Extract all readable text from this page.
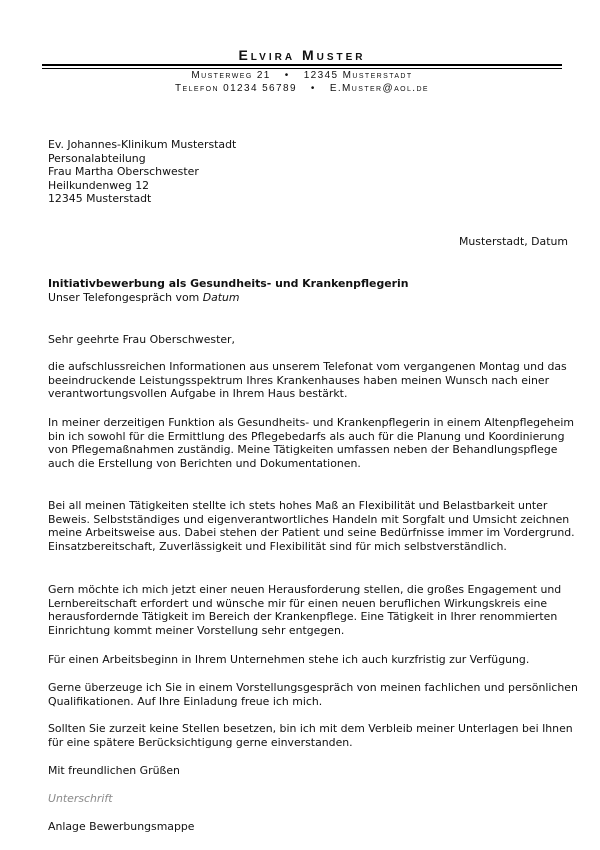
Elvira Muster
Musterweg 21 • 12345 Musterstadt
Telefon 01234 56789 • E.Muster@aol.de
Ev. Johannes-Klinikum Musterstadt
Personalabteilung
Frau Martha Oberschwester
Heilkundenweg 12
12345 Musterstadt
Musterstadt, Datum
Initiativbewerbung als Gesundheits- und Krankenpflegerin
Unser Telefongespräch vom Datum
Sehr geehrte Frau Oberschwester,

die aufschlussreichen Informationen aus unserem Telefonat vom vergangenen Montag und das beeindruckende Leistungsspektrum Ihres Krankenhauses haben meinen Wunsch nach einer verantwortungsvollen Aufgabe in Ihrem Haus bestärkt.

In meiner derzeitigen Funktion als Gesundheits- und Krankenpflegerin in einem Altenpflegeheim bin ich sowohl für die Ermittlung des Pflegebedarfs als auch für die Planung und Koordinierung von Pflegemaßnahmen zuständig. Meine Tätigkeiten umfassen neben der Behandlungspflege auch die Erstellung von Berichten und Dokumentationen.

Bei all meinen Tätigkeiten stellte ich stets hohes Maß an Flexibilität und Belastbarkeit unter Beweis. Selbstständiges und eigenverantwortliches Handeln mit Sorgfalt und Umsicht zeichnen meine Arbeitsweise aus. Dabei stehen der Patient und seine Bedürfnisse immer im Vordergrund. Einsatzbereitschaft, Zuverlässigkeit und Flexibilität sind für mich selbstverständlich.

Gern möchte ich mich jetzt einer neuen Herausforderung stellen, die großes Engagement und Lernbereitschaft erfordert und wünsche mir für einen neuen beruflichen Wirkungskreis eine herausfordernde Tätigkeit im Bereich der Krankenpflege. Eine Tätigkeit in Ihrer renommierten Einrichtung kommt meiner Vorstellung sehr entgegen.

Für einen Arbeitsbeginn in Ihrem Unternehmen stehe ich auch kurzfristig zur Verfügung.

Gerne überzeuge ich Sie in einem Vorstellungsgespräch von meinen fachlichen und persönlichen Qualifikationen. Auf Ihre Einladung freue ich mich.

Sollten Sie zurzeit keine Stellen besetzen, bin ich mit dem Verbleib meiner Unterlagen bei Ihnen für eine spätere Berücksichtigung gerne einverstanden.

Mit freundlichen Grüßen
Unterschrift
Anlage Bewerbungsmappe
